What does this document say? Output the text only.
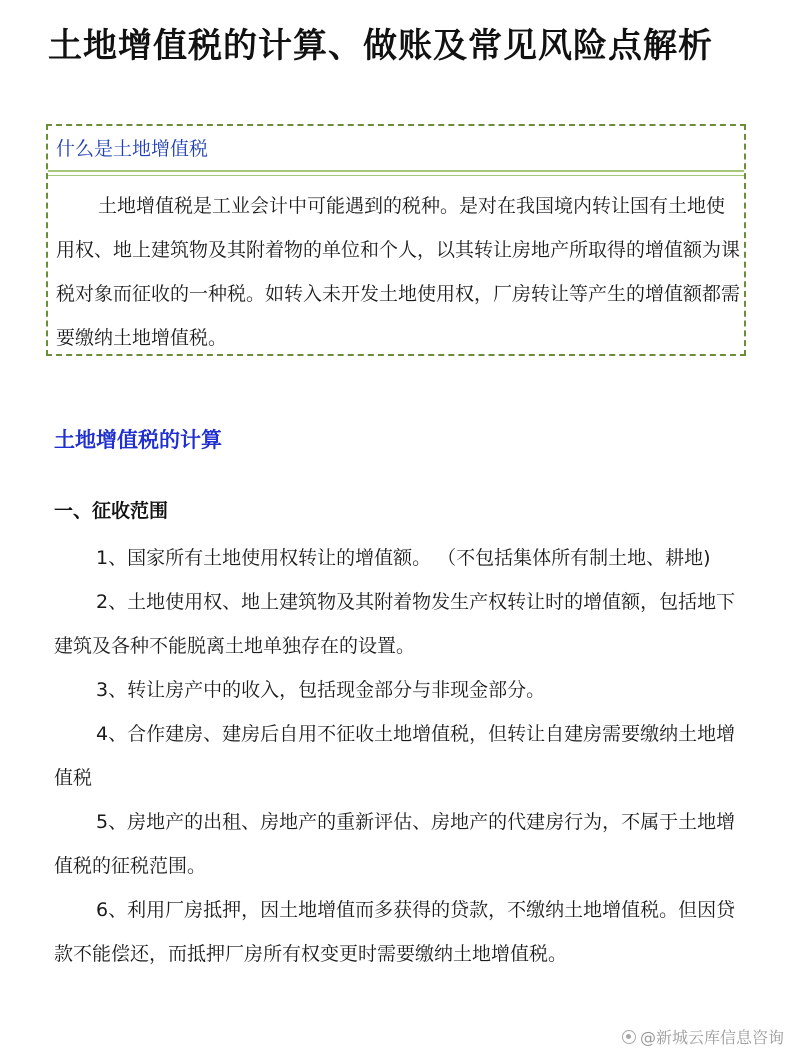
土地增值税的计算、做账及常见风险点解析
什么是土地增值税

土地增值税是工业会计中可能遇到的税种。是对在我国境内转让国有土地使用权、地上建筑物及其附着物的单位和个人，以其转让房地产所取得的增值额为课税对象而征收的一种税。如转入未开发土地使用权，厂房转让等产生的增值额都需要缴纳土地增值税。

土地增值税的计算
一、征收范围
1、国家所有土地使用权转让的增值额。 （不包括集体所有制土地、耕地)
2、土地使用权、地上建筑物及其附着物发生产权转让时的增值额，包括地下建筑及各种不能脱离土地单独存在的设置。
3、转让房产中的收入，包括现金部分与非现金部分。
4、合作建房、建房后自用不征收土地增值税，但转让自建房需要缴纳土地增值税
5、房地产的出租、房地产的重新评估、房地产的代建房行为，不属于土地增值税的征税范围。
6、利用厂房抵押，因土地增值而多获得的贷款，不缴纳土地增值税。但因贷款不能偿还，而抵押厂房所有权变更时需要缴纳土地增值税。
@新城云库信息咨询
